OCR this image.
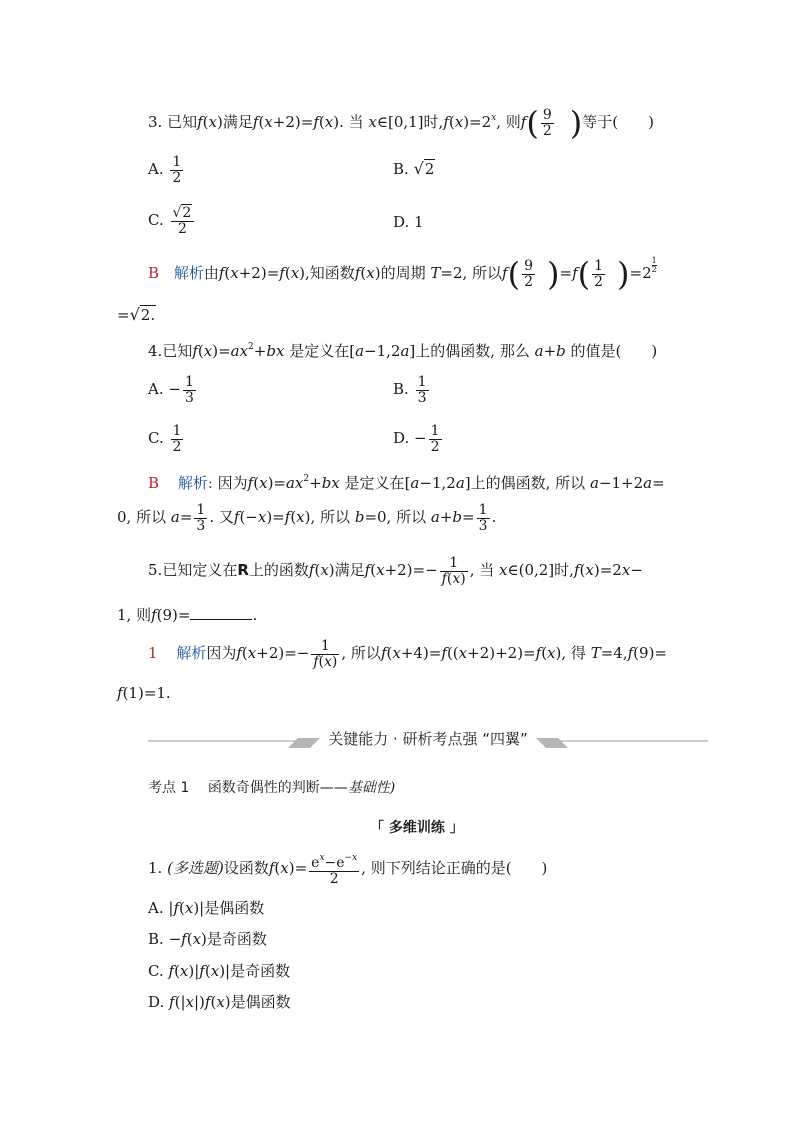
3. 已知f(x)满足f(x+2)=f(x). 当 x∈[0,1]时$,f(x)=2^x$, 则$f( \frac{9}{2}$ )等于(　　)
A. $\frac{1}{2}$	B. √2
C. $\frac{√2}{2}$	D. 1
B 解析由f(x+2)=f(x),知函数f(x)的周期 T=2, 所以$f( \frac{9}{2} )=f( \frac{1}{2} )=2 \frac{1}{2}$
=√2.
4.已知$f(x)=ax^2+bx$ 是定义在[a−1,2a]上的偶函数, 那么 a+b 的值是(　　)
A. − $\frac{1}{3}$	B. $\frac{1}{3}$
C. $\frac{1}{2}$	D. − $\frac{1}{2}$
B 解析: 因为$f(x)=ax^2+bx$ 是定义在[a−1,2a]上的偶函数, 所以 a−1+2a=
0, 所以 $a= \frac{1}{3}$ . 又f(−x)=f(x), 所以 b=0, 所以 $a+b= \frac{1}{3}$ .
5.已知定义在R上的函数f(x)满足$f(x+2)=- \frac{1}{f(x)}$ , 当 x∈(0,2]时,f(x)=2x−
1, 则f(9)=	.
1 解析因为$f(x+2)=- \frac{1}{f(x)}$ , 所以f(x+4)=f((x+2)+2)=f(x), 得 T=4,f(9)=
f(1)=1.
关键能力 · 研析考点强 “四翼”
考点 1 函数奇偶性的判断——基础性)
「 多维训练 」
1. (多选题)设函数$f(x)= \frac{e^x-e^{-x}}{2}$ , 则下列结论正确的是(　　)
A. |f(x)|是偶函数
B. −f(x)是奇函数
C. f(x)|f(x)|是奇函数
D. f(|x|)f(x)是偶函数
